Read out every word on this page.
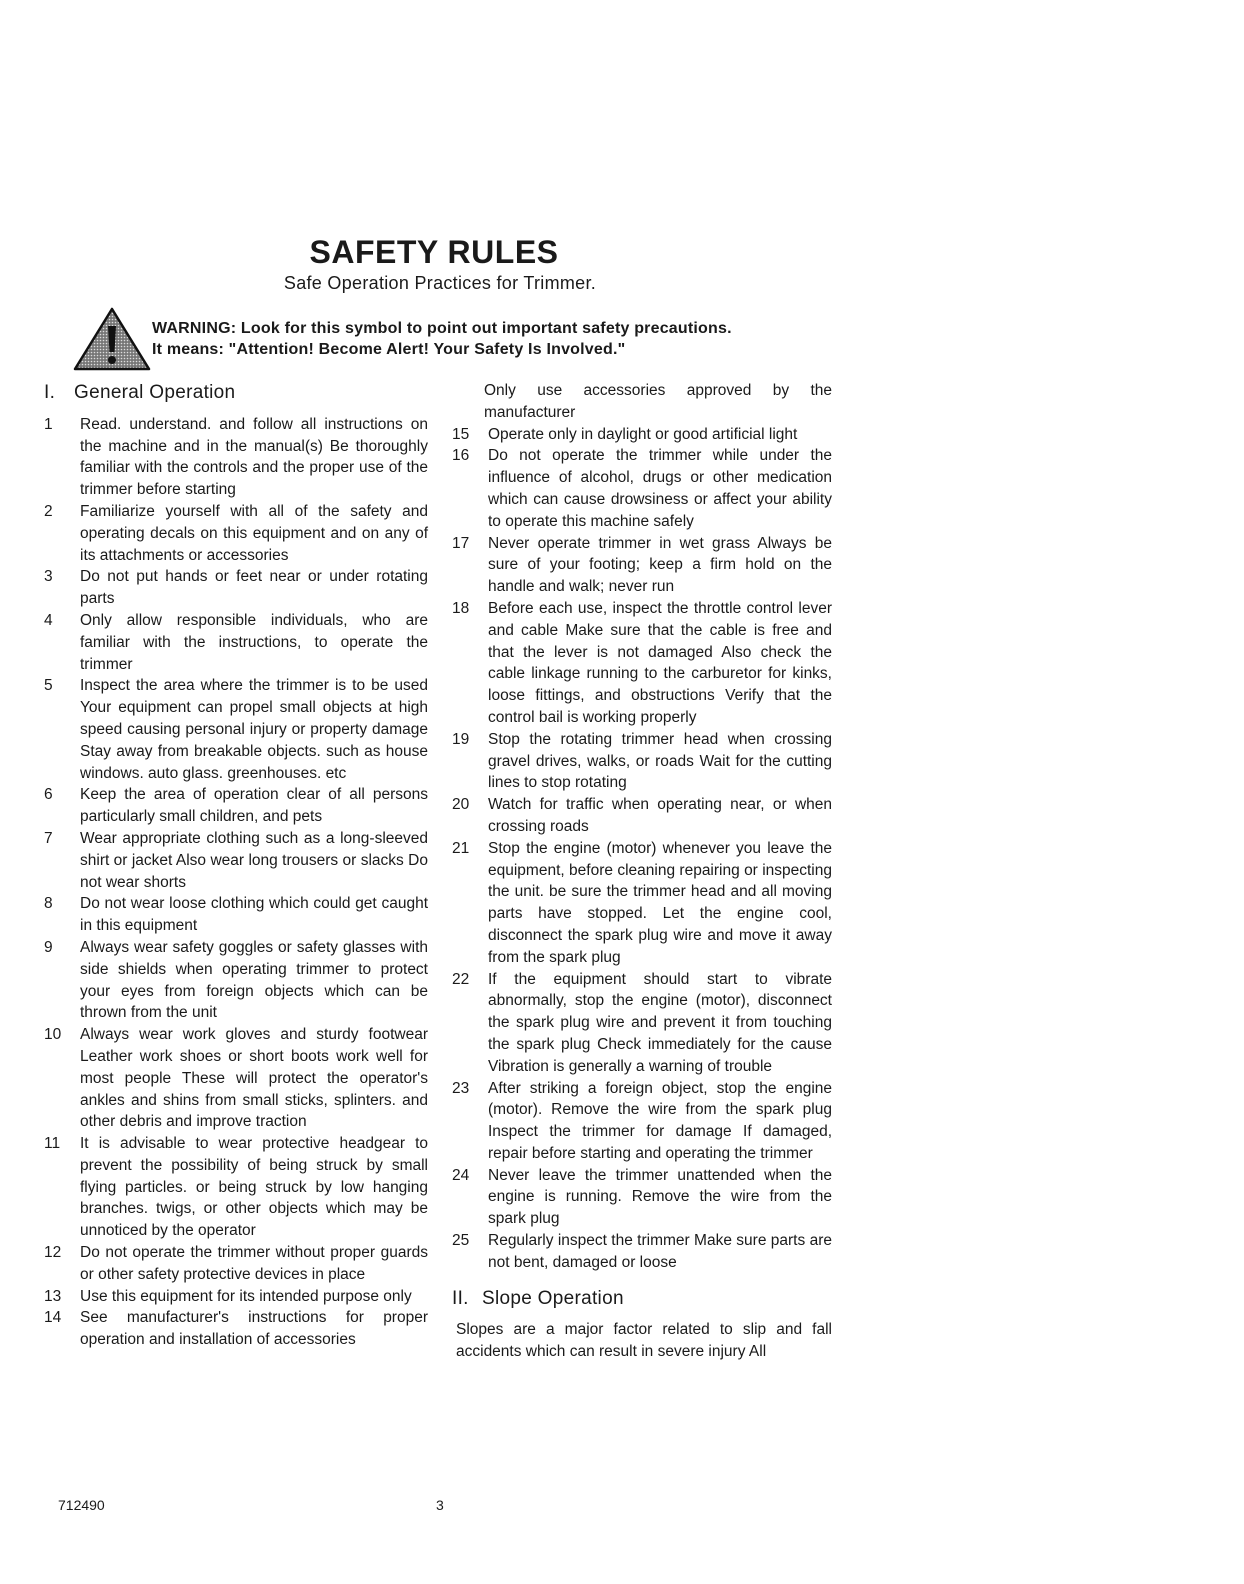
SAFETY RULES
Safe Operation Practices for Trimmer.
WARNING: Look for this symbol to point out important safety precautions.
It means: "Attention! Become Alert! Your Safety Is Involved."
I. General Operation
1	Read. understand. and follow all instructions on the machine and in the manual(s) Be thoroughly familiar with the controls and the proper use of the trimmer before starting
2	Familiarize yourself with all of the safety and operating decals on this equipment and on any of its attachments or accessories
3	Do not put hands or feet near or under rotating parts
4	Only allow responsible individuals, who are familiar with the instructions, to operate the trimmer
5	Inspect the area where the trimmer is to be used Your equipment can propel small objects at high speed causing personal injury or property damage Stay away from breakable objects. such as house windows. auto glass. greenhouses. etc
6	Keep the area of operation clear of all persons particularly small children, and pets
7	Wear appropriate clothing such as a long-sleeved shirt or jacket Also wear long trousers or slacks Do not wear shorts
8	Do not wear loose clothing which could get caught in this equipment
9	Always wear safety goggles or safety glasses with side shields when operating trimmer to protect your eyes from foreign objects which can be thrown from the unit
10	Always wear work gloves and sturdy footwear Leather work shoes or short boots work well for most people These will protect the operator's ankles and shins from small sticks, splinters. and other debris and improve traction
11	It is advisable to wear protective headgear to prevent the possibility of being struck by small flying particles. or being struck by low hanging branches. twigs, or other objects which may be unnoticed by the operator
12	Do not operate the trimmer without proper guards or other safety protective devices in place
13	Use this equipment for its intended purpose only
14	See manufacturer's instructions for proper operation and installation of accessories
Only use accessories approved by the manufacturer
15	Operate only in daylight or good artificial light
16	Do not operate the trimmer while under the influence of alcohol, drugs or other medication which can cause drowsiness or affect your ability to operate this machine safely
17	Never operate trimmer in wet grass Always be sure of your footing; keep a firm hold on the handle and walk; never run
18	Before each use, inspect the throttle control lever and cable Make sure that the cable is free and that the lever is not damaged Also check the cable linkage running to the carburetor for kinks, loose fittings, and obstructions Verify that the control bail is working properly
19	Stop the rotating trimmer head when crossing gravel drives, walks, or roads Wait for the cutting lines to stop rotating
20	Watch for traffic when operating near, or when crossing roads
21	Stop the engine (motor) whenever you leave the equipment, before cleaning repairing or inspecting the unit. be sure the trimmer head and all moving parts have stopped. Let the engine cool, disconnect the spark plug wire and move it away from the spark plug
22	If the equipment should start to vibrate abnormally, stop the engine (motor), disconnect the spark plug wire and prevent it from touching the spark plug Check immediately for the cause Vibration is generally a warning of trouble
23	After striking a foreign object, stop the engine (motor). Remove the wire from the spark plug Inspect the trimmer for damage If damaged, repair before starting and operating the trimmer
24	Never leave the trimmer unattended when the engine is running. Remove the wire from the spark plug
25	Regularly inspect the trimmer Make sure parts are not bent, damaged or loose
II. Slope Operation
Slopes are a major factor related to slip and fall accidents which can result in severe injury All
712490	3
